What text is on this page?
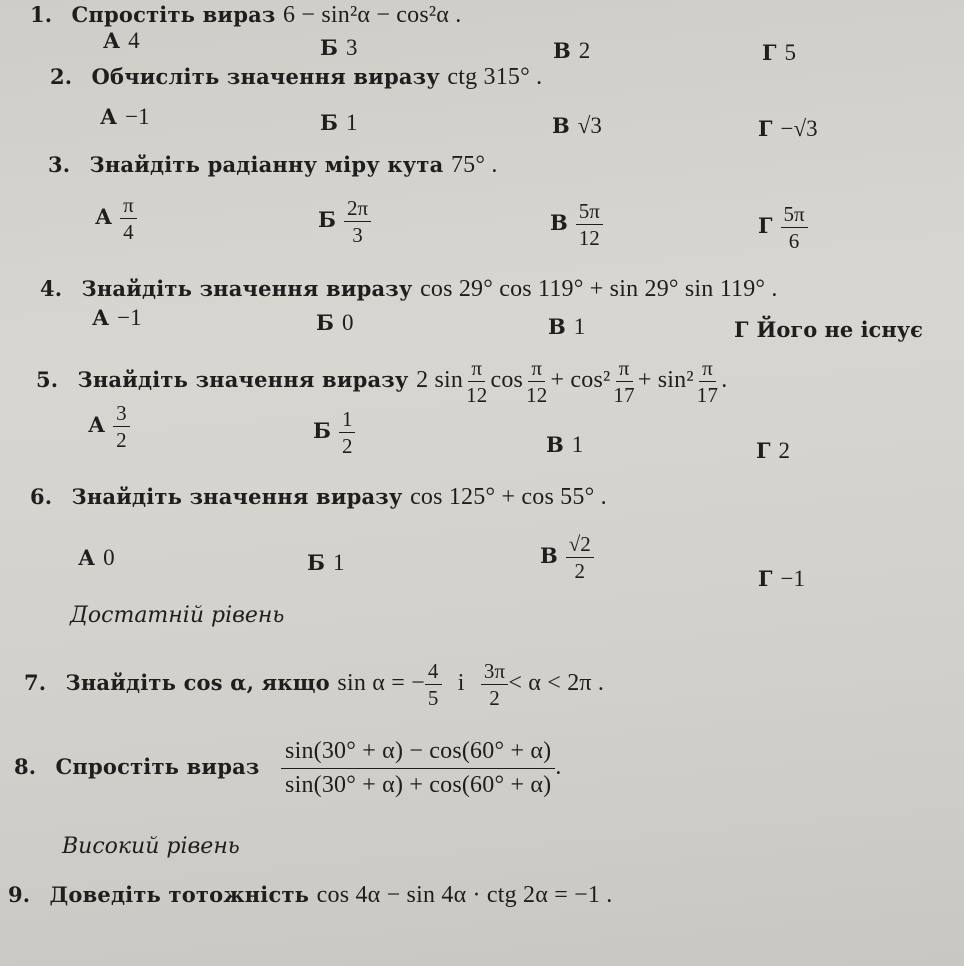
1. Спростіть вираз 6 − sin²α − cos²α .
А 4	Б 3	В 2	Г 5
2. Обчисліть значення виразу ctg 315° .
А −1	Б 1	В √3	Г −√3
3. Знайдіть радіанну міру кута 75° .
А $\frac{\pi}{4}$	Б $\frac{2\pi}{3}$	В $\frac{5\pi}{12}$	Г $\frac{5\pi}{6}$
4. Знайдіть значення виразу cos 29° cos 119° + sin 29° sin 119° .
А −1	Б 0	В 1	Г Його не існує
5. Знайдіть значення виразу 2 $\sin \frac{\pi}{12}$ $\cos \frac{\pi}{12} + \cos^2 \frac{\pi}{17} + \sin^2 \frac{\pi}{17}$ .
А $\frac{3}{2}$	Б $\frac{1}{2}$	В 1	Г 2
6. Знайдіть значення виразу cos 125° + cos 55° .
А 0	Б 1	В $\frac{√2}{2}$	Г −1
Достатній рівень
7. Знайдіть cos α, якщо sin α = − $\frac{4}{5}$ і $\frac{3\pi}{2} < \alpha < 2\pi$ .
8. Спростіть вираз $\frac{\sin(30^\circ + \alpha) - \cos(60^\circ + \alpha)}{\sin(30^\circ + \alpha) + \cos(60^\circ + \alpha)}$ .
Високий рівень
9. Доведіть тотожність cos 4α − sin 4α · ctg 2α = −1 .
